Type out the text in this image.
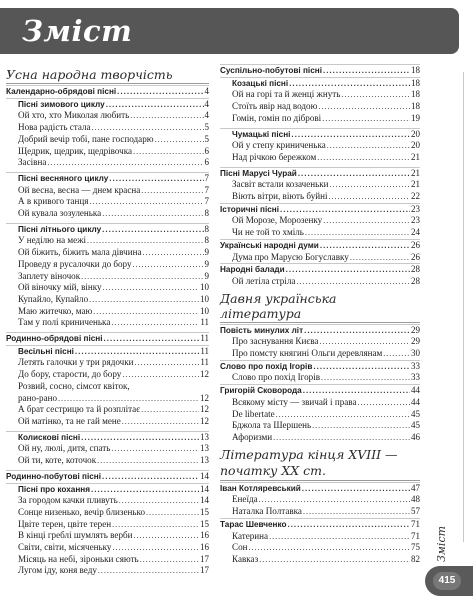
Зміст
Усна народна творчість
Календарно-обрядові пісні .....	4
Пісні зимового циклу .....	4
Ой хто, хто Миколая любить .....	4
Нова радість стала .....	5
Добрий вечір тобі, пане господарю .....	5
Щедрик, щедрик, щедрівочка .....	6
Засівна .....	6
Пісні весняного циклу .....	7
Ой весна, весна — днем красна .....	7
А в кривого танця .....	7
Ой кувала зозуленька .....	8
Пісні літнього циклу .....	8
У неділю на межі .....	8
Ой біжить, біжить мала дівчина .....	9
Проведу я русалочки до бору .....	9
Заплету віночок .....	9
Ой віночку мій, вінку .....	10
Купайло, Купайло .....	10
Маю житечко, маю .....	10
Там у полі криниченька .....	11
Родинно-обрядові пісні .....	11
Весільні пісні .....	11
Летять галочки у три рядочки .....	11
До бору, старости, до бору .....	12
Розвий, сосно, сімсот квіток,
рано-рано .....	12
А брат сестрицю та й розплітає .....	12
Ой матінко, та не гай мене .....	12
Колискові пісні .....	13
Ой ну, люлі, дитя, спать .....	13
Ой ти, коте, коточок .....	13
Родинно-побутові пісні .....	14
Пісні про кохання .....	14
За городом качки пливуть .....	14
Сонце низенько, вечір близенько .....	15
Цвіте терен, цвіте терен .....	15
В кінці греблі шумлять верби .....	16
Світи, світи, місяченьку .....	16
Місяць на небі, зіроньки сяють .....	17
Лугом іду, коня веду .....	17
Суспільно-побутові пісні .....	18
Козацькі пісні .....	18
Ой на горі та й женці жнуть .....	18
Стоїть явір над водою .....	18
Гомін, гомін по діброві .....	19
Чумацькі пісні .....	20
Ой у степу криниченька .....	20
Над річкою бережком .....	21
Пісні Марусі Чурай .....	21
Засвіт встали козаченьки .....	21
Віють вітри, віють буйні .....	22
Історичні пісні .....	23
Ой Морозе, Морозенку .....	23
Чи не той то хміль .....	24
Українські народні думи .....	26
Дума про Марусю Богуславку .....	26
Народні балади .....	28
Ой летіла стріла .....	28
Давня українська література
Повість минулих літ .....	29
Про заснування Києва .....	29
Про помсту княгині Ольги деревлянам .....	30
Слово про похід Ігорів .....	33
Слово про похід Ігорів .....	33
Григорій Сковорода .....	44
Всякому місту — звичай і права .....	44
De libertate .....	45
Бджола та Шершень .....	45
Афоризми .....	46
Література кінця XVIII — початку XX ст.
Іван Котляревський .....	47
Енеїда .....	48
Наталка Полтавка .....	57
Тарас Шевченко .....	71
Катерина .....	71
Сон .....	75
Кавказ .....	82 Зміст
415
